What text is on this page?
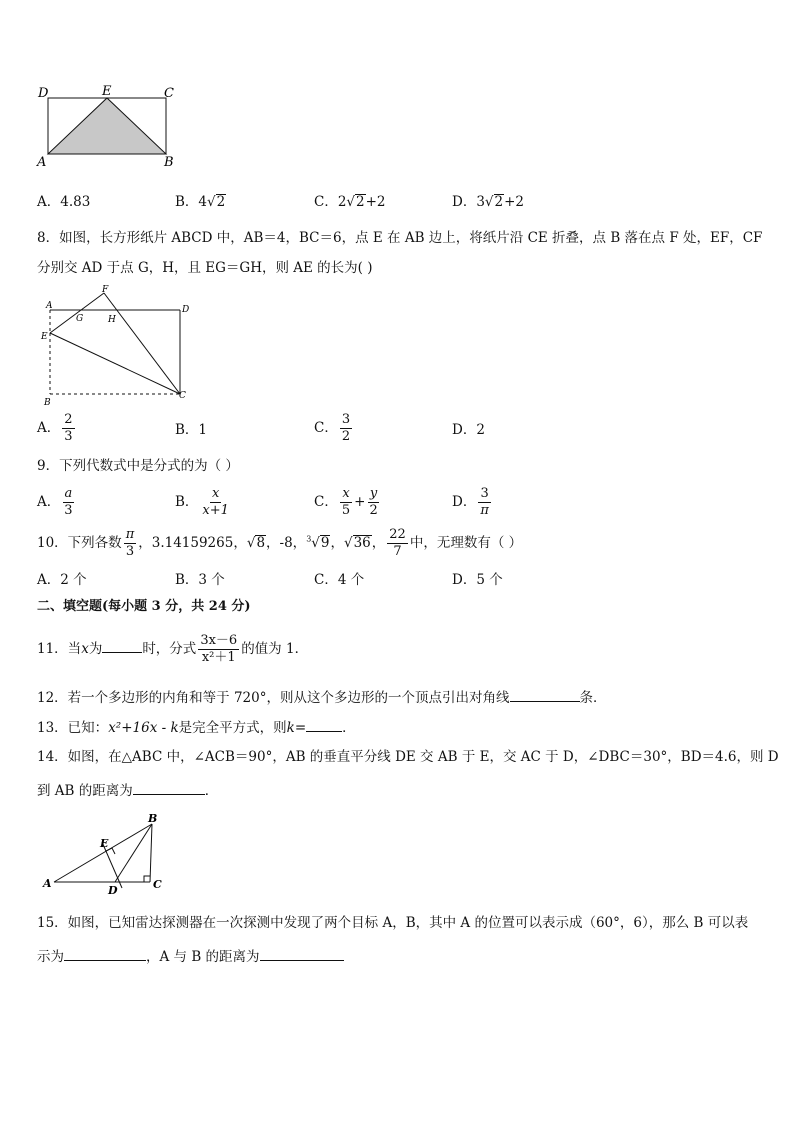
D	E	C
A	B
A．4.83	B．4√2	C．2√2+2	D．3√2+2
8．如图，长方形纸片 ABCD 中，AB＝4，BC＝6，点 E 在 AB 边上，将纸片沿 CE 折叠，点 B 落在点 F 处，EF，CF
分别交 AD 于点 G，H，且 EG＝GH，则 AE 的长为( )
A
F
D
G	H
E
B
C
A． $\frac{2}{3}$	B．1	C． $\frac{3}{2}$	D．2
9．下列代数式中是分式的为（ ）
A． $\frac{a}{3}$	B． $\frac{x}{x+1}$	C． $\frac{x}{5} + \frac{y}{2}$	D． $\frac{3}{\pi}$
10．下列各数 $\frac{\pi}{3}$ ，3.14159265，√8，-8，$^3$√9，√36， $\frac{22}{7}$ 中，无理数有（ ）
A．2 个	B．3 个	C．4 个	D．5 个
二、填空题(每小题 3 分，共 24 分)
11．当x为	时，分式 $\frac{3x-6}{\text{x²＋1}}$ 的值为 1．
12．若一个多边形的内角和等于 720°，则从这个多边形的一个顶点引出对角线	条．
13．已知：x²+16x - k是完全平方式，则k=	．
14．如图，在△ABC 中，∠ACB＝90°，AB 的垂直平分线 DE 交 AB 于 E，交 AC 于 D，∠DBC＝30°，BD＝4.6，则 D
到 AB 的距离为	．
A
B
C
D
E
15．如图，已知雷达探测器在一次探测中发现了两个目标 A，B，其中 A 的位置可以表示成（60°，6），那么 B 可以表
示为	，A 与 B 的距离为
